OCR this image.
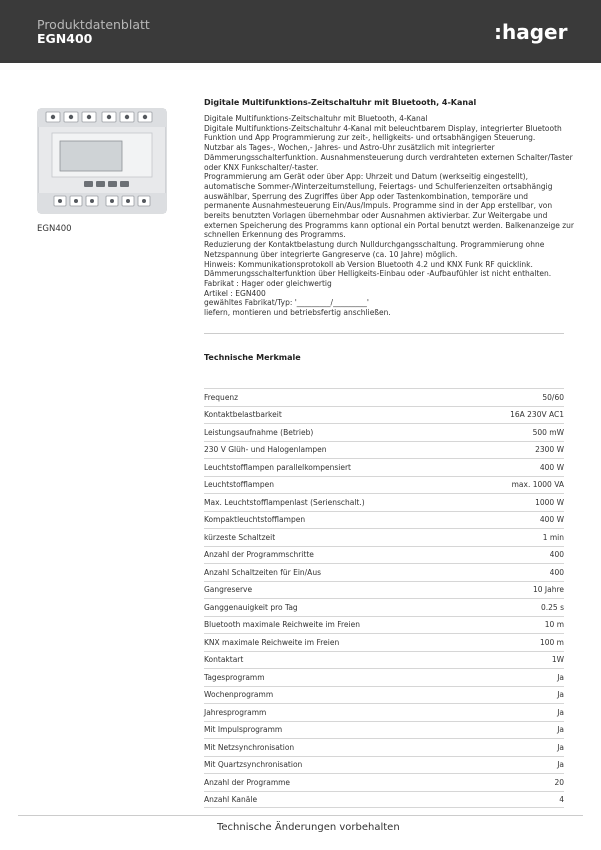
Produktdatenblatt
EGN400	:hager
EGN400
Digitale Multifunktions-Zeitschaltuhr mit Bluetooth, 4-Kanal
Digitale Multifunktions-Zeitschaltuhr mit Bluetooth, 4-Kanal
Digitale Multifunktions-Zeitschaltuhr 4-Kanal mit beleuchtbarem Display, integrierter Bluetooth
Funktion und App Programmierung zur zeit-, helligkeits- und ortsabhängigen Steuerung.
Nutzbar als Tages-, Wochen,- Jahres- und Astro-Uhr zusätzlich mit integrierter
Dämmerungsschalterfunktion. Ausnahmensteuerung durch verdrahteten externen Schalter/Taster
oder KNX Funkschalter/-taster.
Programmierung am Gerät oder über App: Uhrzeit und Datum (werkseitig eingestellt),
automatische Sommer-/Winterzeitumstellung, Feiertags- und Schulferienzeiten ortsabhängig
auswählbar, Sperrung des Zugriffes über App oder Tastenkombination, temporäre und
permanente Ausnahmesteuerung Ein/Aus/Impuls. Programme sind in der App erstellbar, von
bereits benutzten Vorlagen übernehmbar oder Ausnahmen aktivierbar. Zur Weitergabe und
externen Speicherung des Programms kann optional ein Portal benutzt werden. Balkenanzeige zur
schnellen Erkennung des Programms.
Reduzierung der Kontaktbelastung durch Nulldurchgangsschaltung. Programmierung ohne
Netzspannung über integrierte Gangreserve (ca. 10 Jahre) möglich.
Hinweis: Kommunikationsprotokoll ab Version Bluetooth 4.2 und KNX Funk RF quicklink.
Dämmerungsschalterfunktion über Helligkeits-Einbau oder -Aufbaufühler ist nicht enthalten.
Fabrikat : Hager oder gleichwertig
Artikel : EGN400
gewähltes Fabrikat/Typ: '_________/_________'
liefern, montieren und betriebsfertig anschließen.
Technische Merkmale
Frequenz	50/60
Kontaktbelastbarkeit	16A 230V AC1
Leistungsaufnahme (Betrieb)	500 mW
230 V Glüh- und Halogenlampen	2300 W
Leuchtstofflampen parallelkompensiert	400 W
Leuchtstofflampen	max. 1000 VA
Max. Leuchtstofflampenlast (Serienschalt.)	1000 W
Kompaktleuchtstofflampen	400 W
kürzeste Schaltzeit	1 min
Anzahl der Programmschritte	400
Anzahl Schaltzeiten für Ein/Aus	400
Gangreserve	10 Jahre
Ganggenauigkeit pro Tag	0.25 s
Bluetooth maximale Reichweite im Freien	10 m
KNX maximale Reichweite im Freien	100 m
Kontaktart	1W
Tagesprogramm	Ja
Wochenprogramm	Ja
Jahresprogramm	Ja
Mit Impulsprogramm	Ja
Mit Netzsynchronisation	Ja
Mit Quartzsynchronisation	Ja
Anzahl der Programme	20
Anzahl Kanäle	4
Technische Änderungen vorbehalten
